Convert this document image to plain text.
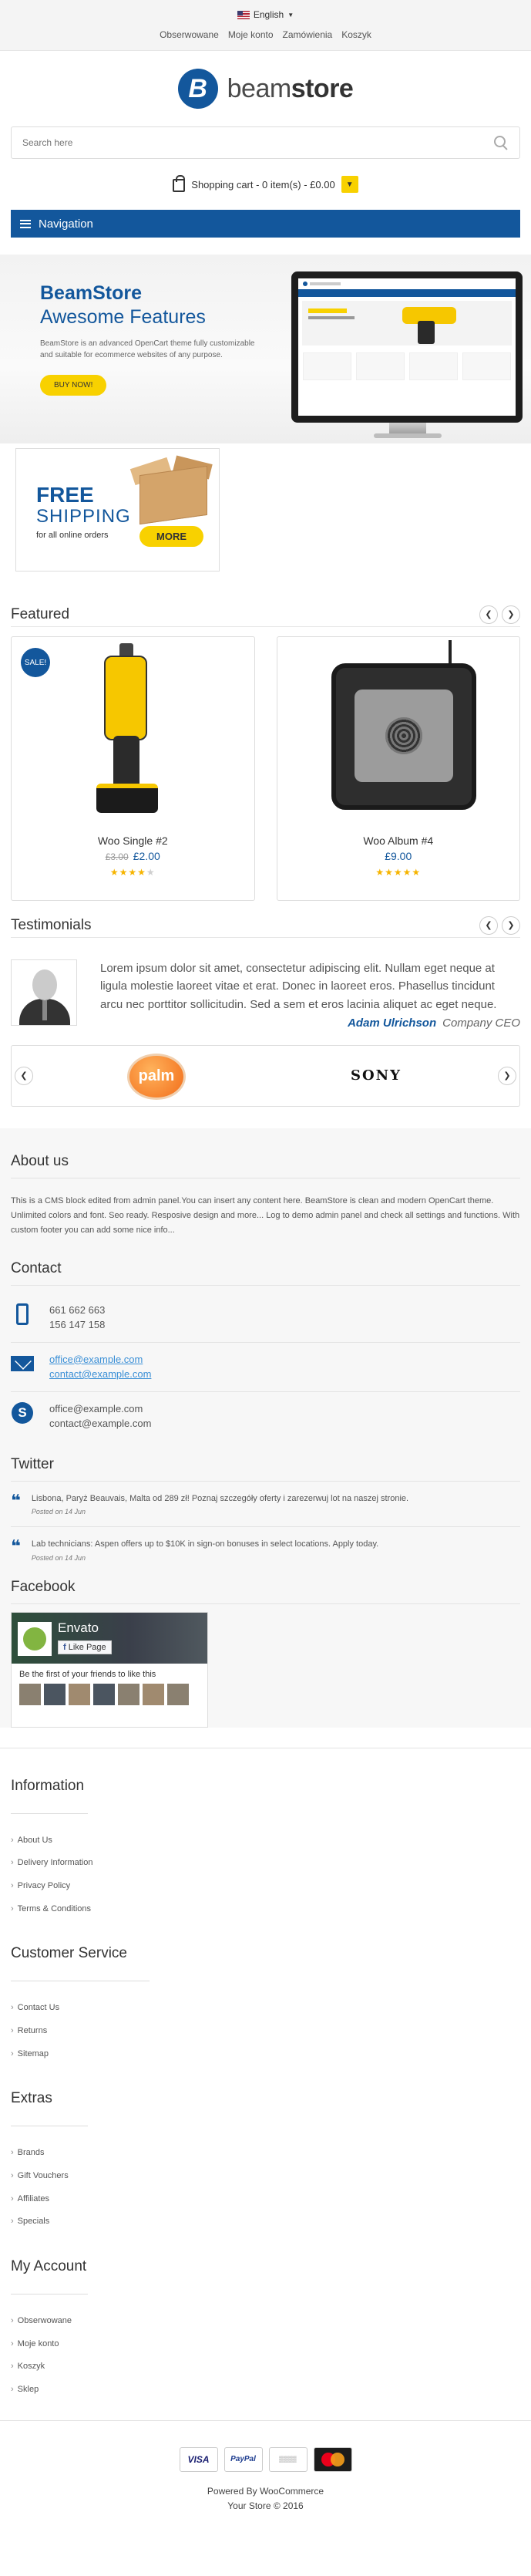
English ▼
Obserwowane Moje konto Zamówienia Koszyk
B beamstore
Search here
Shopping cart - 0 item(s) - £0.00	▼
Navigation
BeamStore
Awesome Features
BeamStore is an advanced OpenCart theme fully customizable and suitable for ecommerce websites of any purpose.
BUY NOW!
FREE
SHIPPING
for all online orders	MORE
Featured	❮	❯
SALE!
Woo Single #2
£3.00 £2.00
★★★★★
Woo Album #4
£9.00
★★★★★
Testimonials	❮	❯
Lorem ipsum dolor sit amet, consectetur adipiscing elit. Nullam eget neque at ligula molestie laoreet vitae et erat. Donec in laoreet eros. Phasellus tincidunt arcu nec porttitor sollicitudin. Sed a sem et eros lacinia aliquet ac eget neque.
Adam Ulrichson Company CEO
❮	palm	SONY	❯
About us
This is a CMS block edited from admin panel.You can insert any content here. BeamStore is clean and modern OpenCart theme. Unlimited colors and font. Seo ready. Resposive design and more... Log to demo admin panel and check all settings and functions. With custom footer you can add some nice info...
Contact
661 662 663
156 147 158
office@example.com
contact@example.com
S	office@example.com
contact@example.com
Twitter
❝ Lisbona, Paryż Beauvais, Malta od 289 zł! Poznaj szczegóły oferty i zarezerwuj lot na naszej stronie.
Posted on 14 Jun
❝ Lab technicians: Aspen offers up to $10K in sign-on bonuses in select locations. Apply today.
Posted on 14 Jun
Facebook
Envato
f Like Page
Be the first of your friends to like this
Information
› About Us
› Delivery Information
› Privacy Policy
› Terms & Conditions
Customer Service
› Contact Us
› Returns
› Sitemap
Extras
› Brands
› Gift Vouchers
› Affiliates
› Specials
My Account
› Obserwowane
› Moje konto
› Koszyk
› Sklep
VISA	PayPal	▒▒▒▒
Powered By WooCommerce
Your Store © 2016
